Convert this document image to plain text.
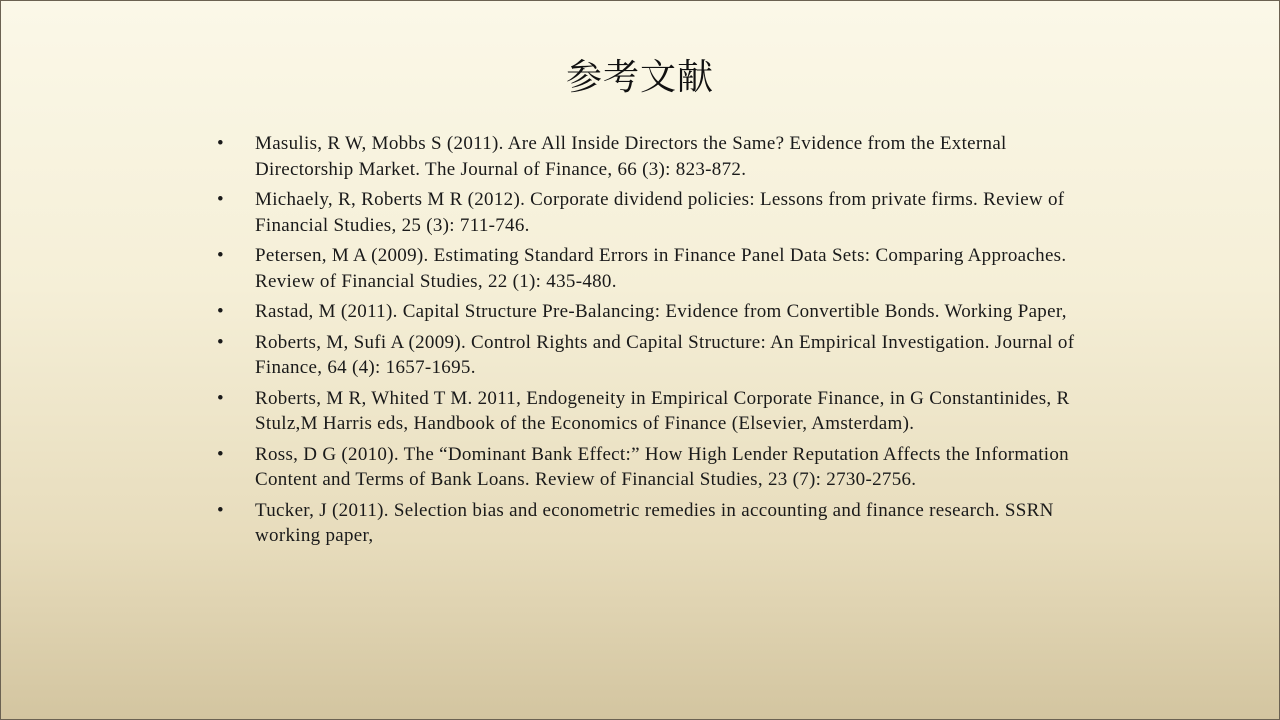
参考文献
• Masulis, R W, Mobbs S (2011). Are All Inside Directors the Same? Evidence from the External Directorship Market. The Journal of Finance, 66 (3): 823-872.
• Michaely, R, Roberts M R (2012). Corporate dividend policies: Lessons from private firms. Review of Financial Studies, 25 (3): 711-746.
• Petersen, M A (2009). Estimating Standard Errors in Finance Panel Data Sets: Comparing Approaches. Review of Financial Studies, 22 (1): 435-480.
• Rastad, M (2011). Capital Structure Pre-Balancing: Evidence from Convertible Bonds. Working Paper,
• Roberts, M, Sufi A (2009). Control Rights and Capital Structure: An Empirical Investigation. Journal of Finance, 64 (4): 1657-1695.
• Roberts, M R, Whited T M. 2011, Endogeneity in Empirical Corporate Finance, in G Constantinides, R Stulz,M Harris eds, Handbook of the Economics of Finance (Elsevier, Amsterdam).
• Ross, D G (2010). The “Dominant Bank Effect:” How High Lender Reputation Affects the Information Content and Terms of Bank Loans. Review of Financial Studies, 23 (7): 2730-2756.
• Tucker, J (2011). Selection bias and econometric remedies in accounting and finance research. SSRN working paper,
